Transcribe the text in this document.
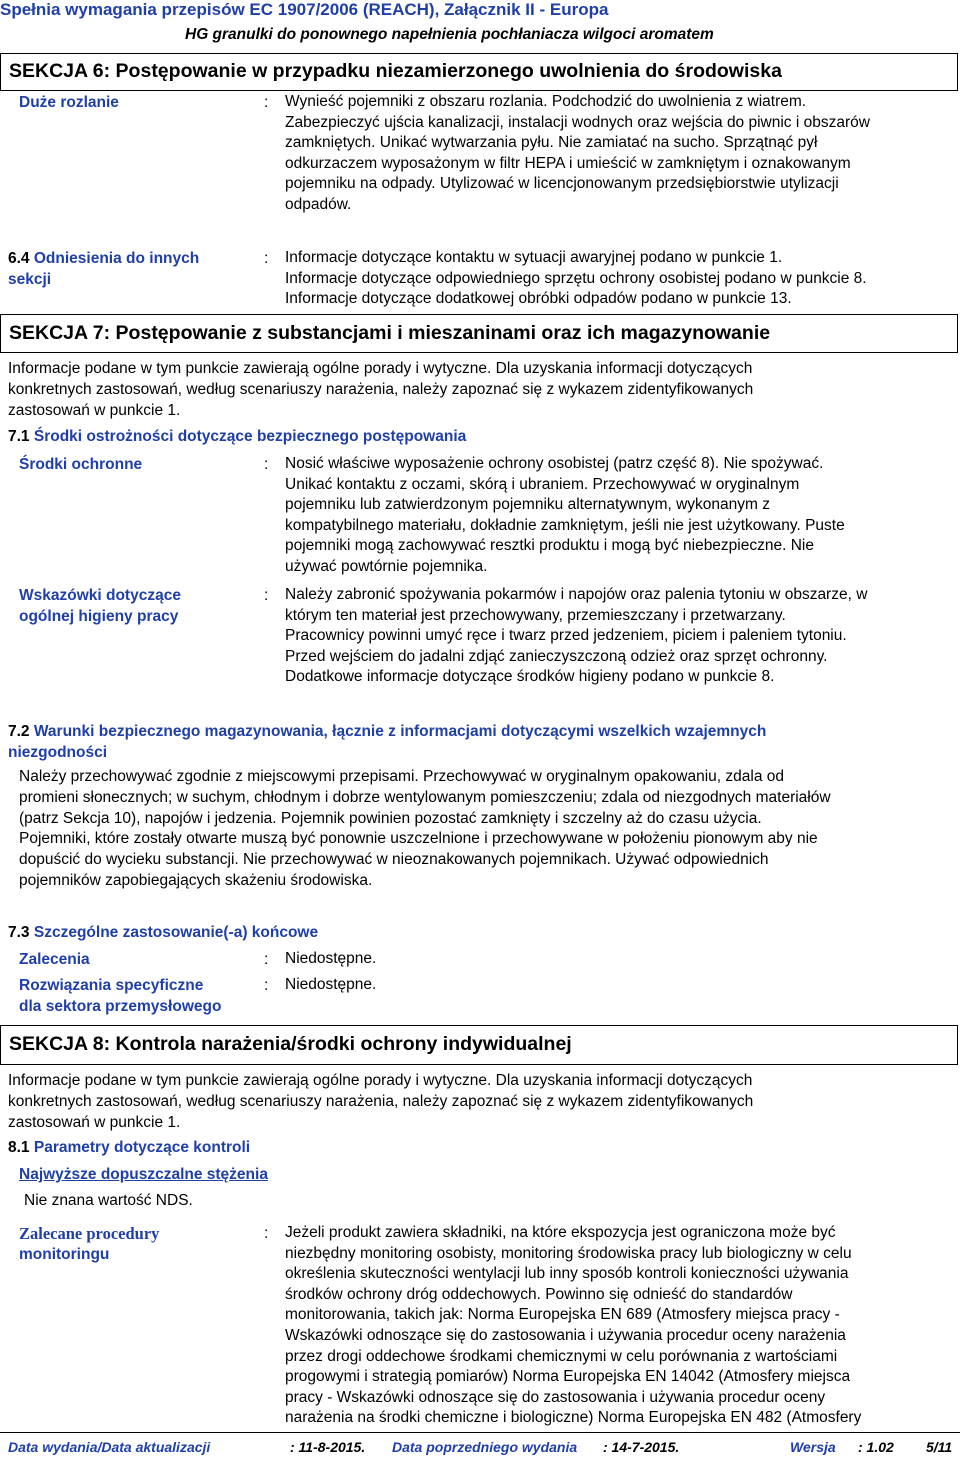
Spełnia wymagania przepisów EC 1907/2006 (REACH), Załącznik II - Europa
HG granulki do ponownego napełnienia pochłaniacza wilgoci aromatem
SEKCJA 6: Postępowanie w przypadku niezamierzonego uwolnienia do środowiska
Duże rozlanie	: Wynieść pojemniki z obszaru rozlania. Podchodzić do uwolnienia z wiatrem.
Zabezpieczyć ujścia kanalizacji, instalacji wodnych oraz wejścia do piwnic i obszarów
zamkniętych. Unikać wytwarzania pyłu. Nie zamiatać na sucho. Sprzątnąć pył
odkurzaczem wyposażonym w filtr HEPA i umieścić w zamkniętym i oznakowanym
pojemniku na odpady. Utylizować w licencjonowanym przedsiębiorstwie utylizacji
odpadów.
6.4 Odniesienia do innych
sekcji
: Informacje dotyczące kontaktu w sytuacji awaryjnej podano w punkcie 1.
Informacje dotyczące odpowiedniego sprzętu ochrony osobistej podano w punkcie 8.
Informacje dotyczące dodatkowej obróbki odpadów podano w punkcie 13.
SEKCJA 7: Postępowanie z substancjami i mieszaninami oraz ich magazynowanie
Informacje podane w tym punkcie zawierają ogólne porady i wytyczne. Dla uzyskania informacji dotyczących
konkretnych zastosowań, według scenariuszy narażenia, należy zapoznać się z wykazem zidentyfikowanych
zastosowań w punkcie 1.
7.1 Środki ostrożności dotyczące bezpiecznego postępowania
Środki ochronne	: Nosić właściwe wyposażenie ochrony osobistej (patrz część 8). Nie spożywać.
Unikać kontaktu z oczami, skórą i ubraniem. Przechowywać w oryginalnym
pojemniku lub zatwierdzonym pojemniku alternatywnym, wykonanym z
kompatybilnego materiału, dokładnie zamkniętym, jeśli nie jest użytkowany. Puste
pojemniki mogą zachowywać resztki produktu i mogą być niebezpieczne. Nie
używać powtórnie pojemnika.
Wskazówki dotyczące
ogólnej higieny pracy
: Należy zabronić spożywania pokarmów i napojów oraz palenia tytoniu w obszarze, w
którym ten materiał jest przechowywany, przemieszczany i przetwarzany.
Pracownicy powinni umyć ręce i twarz przed jedzeniem, piciem i paleniem tytoniu.
Przed wejściem do jadalni zdjąć zanieczyszczoną odzież oraz sprzęt ochronny.
Dodatkowe informacje dotyczące środków higieny podano w punkcie 8.
7.2 Warunki bezpiecznego magazynowania, łącznie z informacjami dotyczącymi wszelkich wzajemnych
niezgodności
Należy przechowywać zgodnie z miejscowymi przepisami. Przechowywać w oryginalnym opakowaniu, zdala od
promieni słonecznych; w suchym, chłodnym i dobrze wentylowanym pomieszczeniu; zdala od niezgodnych materiałów
(patrz Sekcja 10), napojów i jedzenia. Pojemnik powinien pozostać zamknięty i szczelny aż do czasu użycia.
Pojemniki, które zostały otwarte muszą być ponownie uszczelnione i przechowywane w położeniu pionowym aby nie
dopuścić do wycieku substancji. Nie przechowywać w nieoznakowanych pojemnikach. Używać odpowiednich
pojemników zapobiegających skażeniu środowiska.
7.3 Szczególne zastosowanie(-a) końcowe
Zalecenia	: Niedostępne.
Rozwiązania specyficzne
dla sektora przemysłowego
: Niedostępne.
SEKCJA 8: Kontrola narażenia/środki ochrony indywidualnej
Informacje podane w tym punkcie zawierają ogólne porady i wytyczne. Dla uzyskania informacji dotyczących
konkretnych zastosowań, według scenariuszy narażenia, należy zapoznać się z wykazem zidentyfikowanych
zastosowań w punkcie 1.
8.1 Parametry dotyczące kontroli
Najwyższe dopuszczalne stężenia
Nie znana wartość NDS.
Zalecane procedury
monitoringu
: Jeżeli produkt zawiera składniki, na które ekspozycja jest ograniczona może być
niezbędny monitoring osobisty, monitoring środowiska pracy lub biologiczny w celu
określenia skuteczności wentylacji lub inny sposób kontroli konieczności używania
środków ochrony dróg oddechowych. Powinno się odnieść do standardów
monitorowania, takich jak: Norma Europejska EN 689 (Atmosfery miejsca pracy -
Wskazówki odnoszące się do zastosowania i używania procedur oceny narażenia
przez drogi oddechowe środkami chemicznymi w celu porównania z wartościami
progowymi i strategią pomiarów) Norma Europejska EN 14042 (Atmosfery miejsca
pracy - Wskazówki odnoszące się do zastosowania i używania procedur oceny
narażenia na środki chemiczne i biologiczne) Norma Europejska EN 482 (Atmosfery
Data wydania/Data aktualizacji	: 11-8-2015. Data poprzedniego wydania : 14-7-2015.	Wersja : 1.02 5/11
